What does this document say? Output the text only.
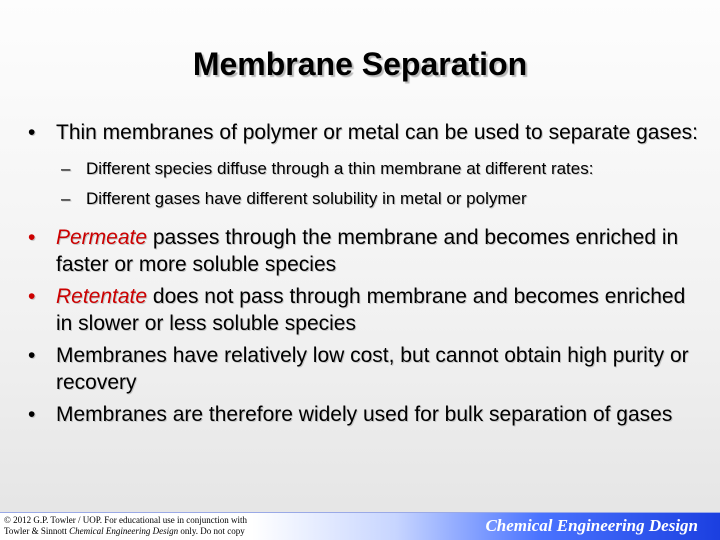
Membrane Separation
• Thin membranes of polymer or metal can be used to separate gases:
– Different species diffuse through a thin membrane at different rates:
– Different gases have different solubility in metal or polymer
• Permeate passes through the membrane and becomes enriched in faster or more soluble species
• Retentate does not pass through membrane and becomes enriched in slower or less soluble species
• Membranes have relatively low cost, but cannot obtain high purity or recovery
• Membranes are therefore widely used for bulk separation of gases
© 2012 G.P. Towler / UOP. For educational use in conjunction with
Towler & Sinnott Chemical Engineering Design only. Do not copy	Chemical Engineering Design
